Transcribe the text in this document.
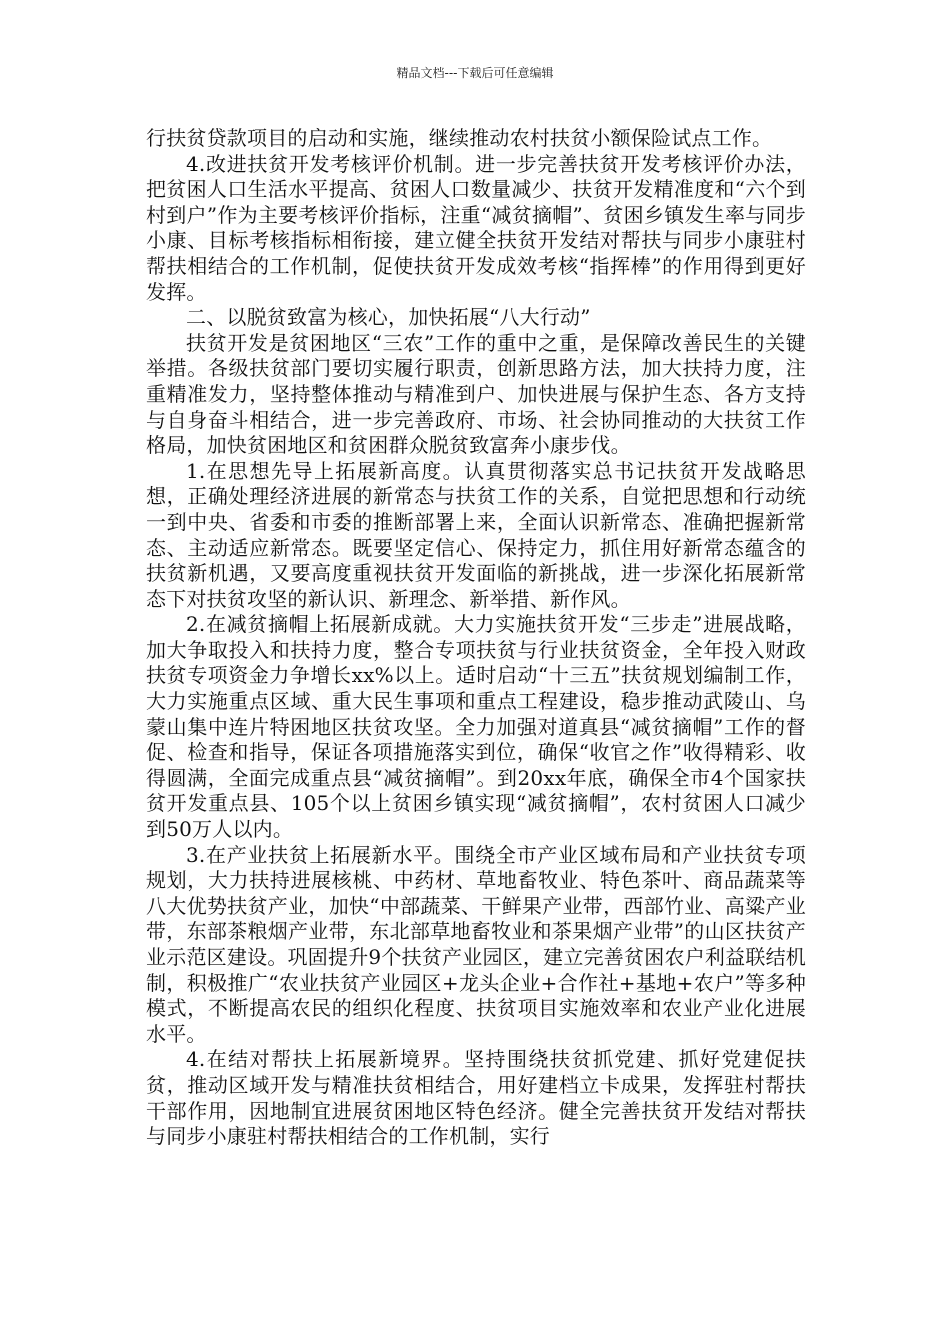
精品文档---下载后可任意编辑

行扶贫贷款项目的启动和实施，继续推动农村扶贫小额保险试点工作。

4.改进扶贫开发考核评价机制。进一步完善扶贫开发考核评价办法，把贫困人口生活水平提高、贫困人口数量减少、扶贫开发精准度和“六个到村到户”作为主要考核评价指标，注重“减贫摘帽”、贫困乡镇发生率与同步小康、目标考核指标相衔接，建立健全扶贫开发结对帮扶与同步小康驻村帮扶相结合的工作机制，促使扶贫开发成效考核“指挥棒”的作用得到更好发挥。

二、以脱贫致富为核心，加快拓展“八大行动”

扶贫开发是贫困地区“三农”工作的重中之重，是保障改善民生的关键举措。各级扶贫部门要切实履行职责，创新思路方法，加大扶持力度，注重精准发力，坚持整体推动与精准到户、加快进展与保护生态、各方支持与自身奋斗相结合，进一步完善政府、市场、社会协同推动的大扶贫工作格局，加快贫困地区和贫困群众脱贫致富奔小康步伐。

1.在思想先导上拓展新高度。认真贯彻落实总书记扶贫开发战略思想，正确处理经济进展的新常态与扶贫工作的关系，自觉把思想和行动统一到中央、省委和市委的推断部署上来，全面认识新常态、准确把握新常态、主动适应新常态。既要坚定信心、保持定力，抓住用好新常态蕴含的扶贫新机遇，又要高度重视扶贫开发面临的新挑战，进一步深化拓展新常态下对扶贫攻坚的新认识、新理念、新举措、新作风。

2.在减贫摘帽上拓展新成就。大力实施扶贫开发“三步走”进展战略，加大争取投入和扶持力度，整合专项扶贫与行业扶贫资金，全年投入财政扶贫专项资金力争增长xx%以上。适时启动“十三五”扶贫规划编制工作，大力实施重点区域、重大民生事项和重点工程建设，稳步推动武陵山、乌蒙山集中连片特困地区扶贫攻坚。全力加强对道真县“减贫摘帽”工作的督促、检查和指导，保证各项措施落实到位，确保“收官之作”收得精彩、收得圆满，全面完成重点县“减贫摘帽”。到20xx年底，确保全市4个国家扶贫开发重点县、105个以上贫困乡镇实现“减贫摘帽”，农村贫困人口减少到50万人以内。

3.在产业扶贫上拓展新水平。围绕全市产业区域布局和产业扶贫专项规划，大力扶持进展核桃、中药材、草地畜牧业、特色茶叶、商品蔬菜等八大优势扶贫产业，加快“中部蔬菜、干鲜果产业带，西部竹业、高粱产业带，东部茶粮烟产业带，东北部草地畜牧业和茶果烟产业带”的山区扶贫产业示范区建设。巩固提升9个扶贫产业园区，建立完善贫困农户利益联结机制，积极推广“农业扶贫产业园区+龙头企业+合作社+基地+农户”等多种模式，不断提高农民的组织化程度、扶贫项目实施效率和农业产业化进展水平。

4.在结对帮扶上拓展新境界。坚持围绕扶贫抓党建、抓好党建促扶贫，推动区域开发与精准扶贫相结合，用好建档立卡成果，发挥驻村帮扶干部作用，因地制宜进展贫困地区特色经济。健全完善扶贫开发结对帮扶与同步小康驻村帮扶相结合的工作机制，实行
